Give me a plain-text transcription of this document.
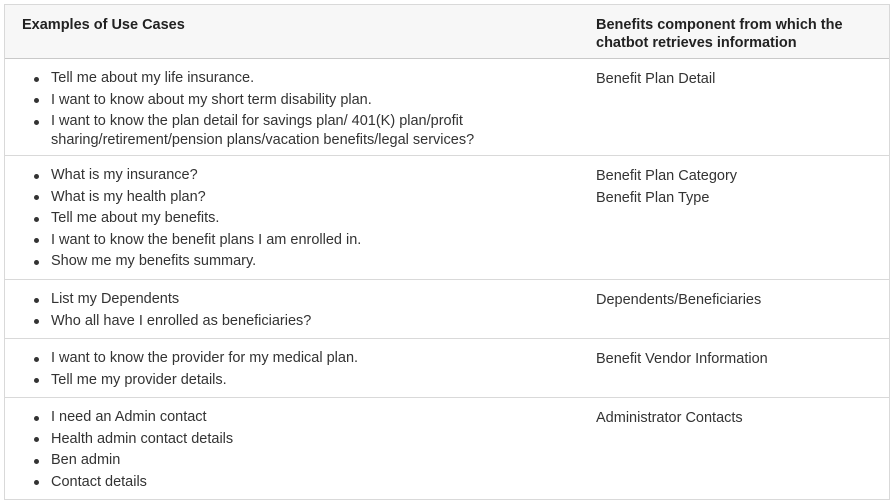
Examples of Use Cases	Benefits component from which the chatbot retrieves information
Tell me about my life insurance.
I want to know about my short term disability plan.
I want to know the plan detail for savings plan/ 401(K) plan/profit sharing/retirement/pension plans/vacation benefits/legal services?
Benefit Plan Detail
What is my insurance?
What is my health plan?
Tell me about my benefits.
I want to know the benefit plans I am enrolled in.
Show me my benefits summary.
Benefit Plan Category
Benefit Plan Type
List my Dependents
Who all have I enrolled as beneficiaries?
Dependents/Beneficiaries
I want to know the provider for my medical plan.
Tell me my provider details.
Benefit Vendor Information
I need an Admin contact
Health admin contact details
Ben admin
Contact details
Administrator Contacts
